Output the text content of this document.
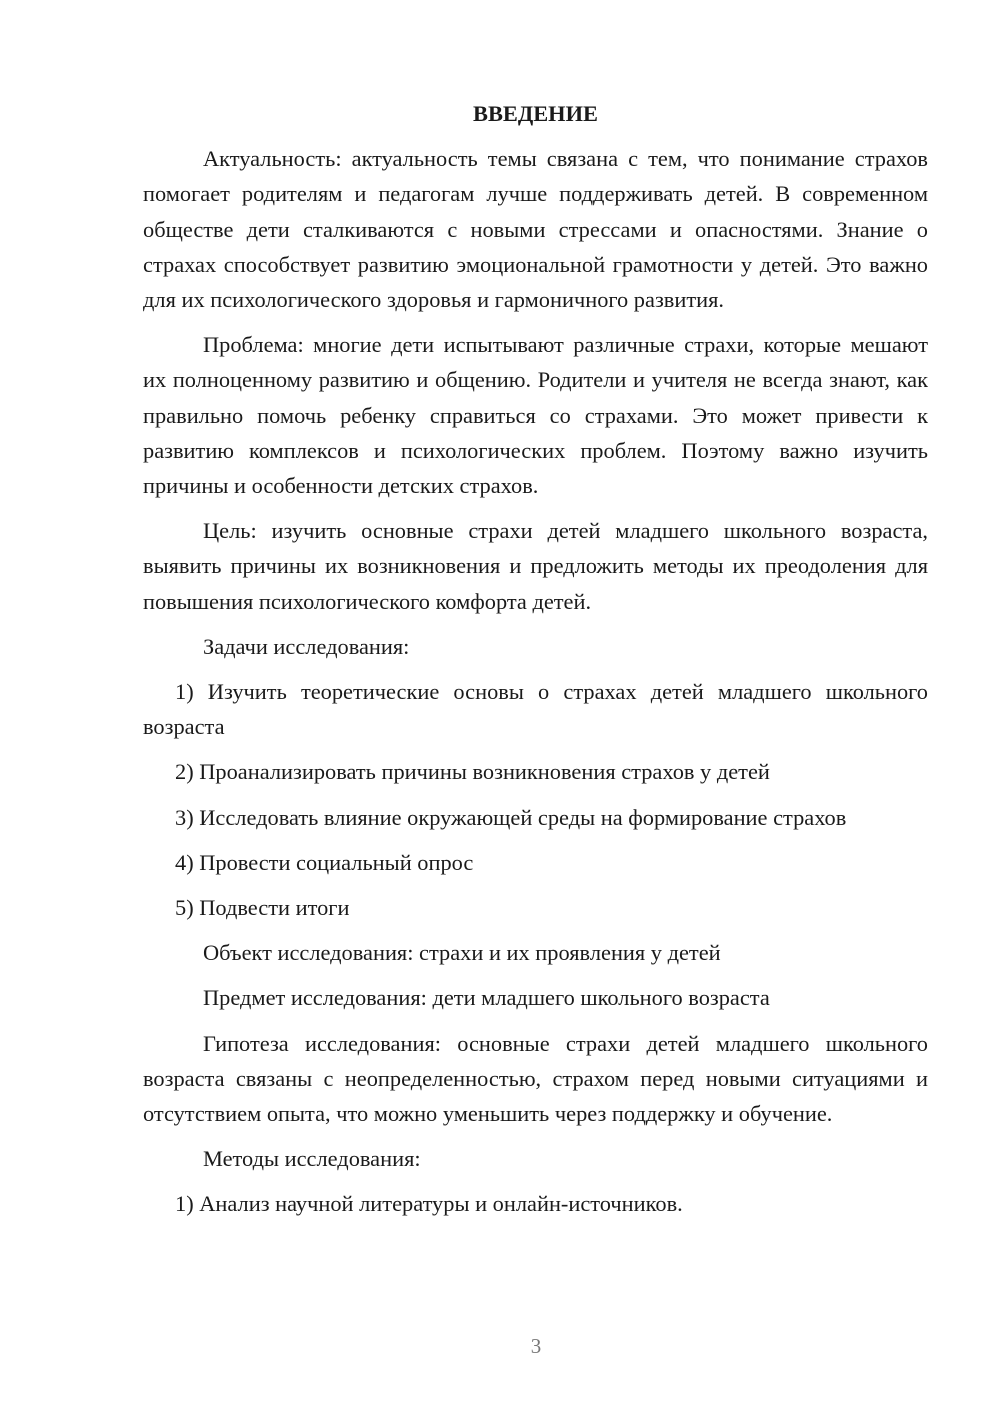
ВВЕДЕНИЕ

Актуальность: актуальность темы связана с тем, что понимание страхов помогает родителям и педагогам лучше поддерживать детей. В современном обществе дети сталкиваются с новыми стрессами и опасностями. Знание о страхах способствует развитию эмоциональной грамотности у детей. Это важно для их психологического здоровья и гармоничного развития.

Проблема: многие дети испытывают различные страхи, которые мешают их полноценному развитию и общению. Родители и учителя не всегда знают, как правильно помочь ребенку справиться со страхами. Это может привести к развитию комплексов и психологических проблем. Поэтому важно изучить причины и особенности детских страхов.

Цель: изучить основные страхи детей младшего школьного возраста, выявить причины их возникновения и предложить методы их преодоления для повышения психологического комфорта детей.

Задачи исследования:

1) Изучить теоретические основы о страхах детей младшего школьного возраста

2) Проанализировать причины возникновения страхов у детей

3) Исследовать влияние окружающей среды на формирование страхов

4) Провести социальный опрос

5) Подвести итоги

Объект исследования: страхи и их проявления у детей

Предмет исследования: дети младшего школьного возраста

Гипотеза исследования: основные страхи детей младшего школьного возраста связаны с неопределенностью, страхом перед новыми ситуациями и отсутствием опыта, что можно уменьшить через поддержку и обучение.

Методы исследования:

1) Анализ научной литературы и онлайн-источников.

3
